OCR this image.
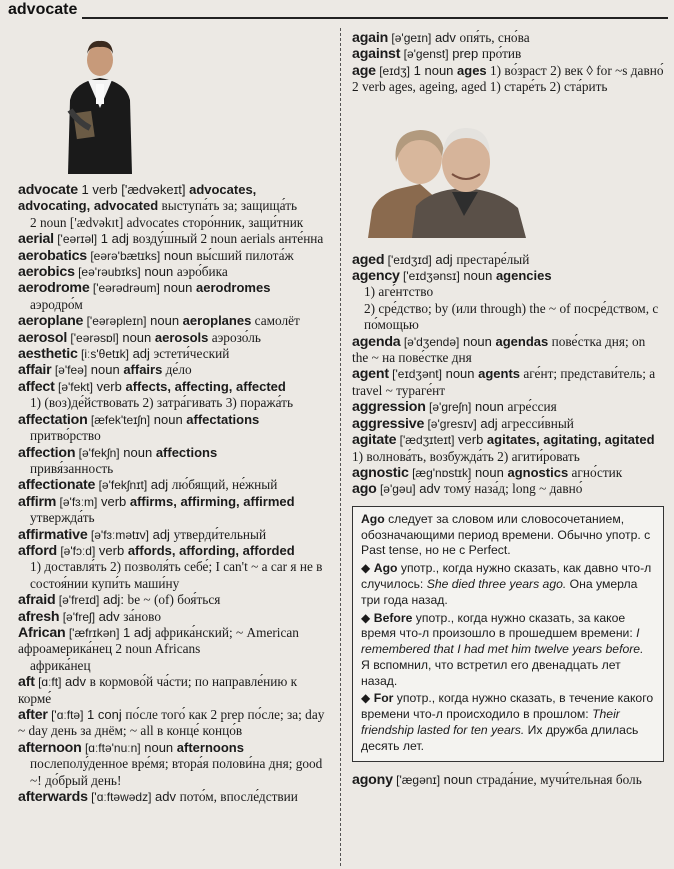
advocate

advocate 1 verb ['ædvəkeɪt] advocates, advocating, advocated выступа́ть за; защища́ть

2 noun ['ædvəkɪt] advocates сторо́нник, защи́тник

aerial ['eərɪəl] 1 adj возду́шный 2 noun aerials анте́нна

aerobatics [eərə'bætɪks] noun вы́сший пилота́ж

aerobics [eə'rəubɪks] noun аэро́бика

aerodrome ['eərədrəum] noun aerodromes

аэродро́м

aeroplane ['eərəpleɪn] noun aeroplanes самолёт

aerosol ['eərəsɒl] noun aerosols аэрозо́ль

aesthetic [iːs'θetɪk] adj эстети́ческий

affair [ə'feə] noun affairs де́ло

affect [ə'fekt] verb affects, affecting, affected

1) (воз)де́йствовать 2) затра́гивать 3) поража́ть

affectation [æfek'teɪʃn] noun affectations

притво́рство

affection [ə'fekʃn] noun affections

привя́занность

affectionate [ə'fekʃnɪt] adj лю́бящий, не́жный

affirm [ə'fɜːm] verb affirms, affirming, affirmed

утвержда́ть

affirmative [ə'fɜːmətɪv] adj утверди́тельный

afford [ə'fɔːd] verb affords, affording, afforded

1) доставля́ть 2) позволя́ть себе́; I can't ~ a car я не в состоя́нии купи́ть маши́ну

afraid [ə'freɪd] adj: be ~ (of) боя́ться

afresh [ə'freʃ] adv за́ново

African ['æfrɪkən] 1 adj африка́нский; ~ American афроамерика́нец 2 noun Africans

африка́нец

aft [ɑːft] adv в кормово́й ча́сти; по направле́нию к корме́

after ['ɑːftə] 1 conj по́сле того́ как 2 prep по́сле; за; day ~ day день за днём; ~ all в конце́ концо́в

afternoon [ɑːftə'nuːn] noun afternoons

послеполу́денное вре́мя; втора́я полови́на дня; good ~! до́брый день!

afterwards ['ɑːftəwədz] adv пото́м, впосле́дствии

again [ə'geɪn] adv опя́ть, сно́ва

against [ə'genst] prep про́тив

age [eɪdʒ] 1 noun ages 1) во́зраст 2) век ◊ for ~s давно́ 2 verb ages, ageing, aged 1) старе́ть 2) ста́рить

aged ['eɪdʒɪd] adj престаре́лый

agency ['eɪdʒənsɪ] noun agencies

1) аге́нтство

2) сре́дство; by (или through) the ~ of посре́дством, с по́мощью

agenda [ə'dʒendə] noun agendas пове́стка дня; on the ~ на пове́стке дня

agent ['eɪdʒənt] noun agents аге́нт; представи́тель; a travel ~ тураге́нт

aggression [ə'greʃn] noun агре́ссия

aggressive [ə'gresɪv] adj агресси́вный

agitate ['ædʒɪteɪt] verb agitates, agitating, agitated 1) волнова́ть, возбужда́ть 2) агити́ровать

agnostic [æg'nɒstɪk] noun agnostics агно́стик

ago [ə'gəu] adv тому́ наза́д; long ~ давно́

Ago следует за словом или словосочетанием, обозначающими период времени. Обычно употр. с Past tense, но не с Perfect.

◆ Ago употр., когда нужно сказать, как давно что-л случилось: She died three years ago. Она умерла три года назад.

◆ Before употр., когда нужно сказать, за какое время что-л произошло в прошедшем времени: I remembered that I had met him twelve years before. Я вспомнил, что встретил его двенадцать лет назад.

◆ For употр., когда нужно сказать, в течение какого времени что-л происходило в прошлом: Their friendship lasted for ten years. Их дружба длилась десять лет.

agony ['ægənɪ] noun страда́ние, мучи́тельная боль
